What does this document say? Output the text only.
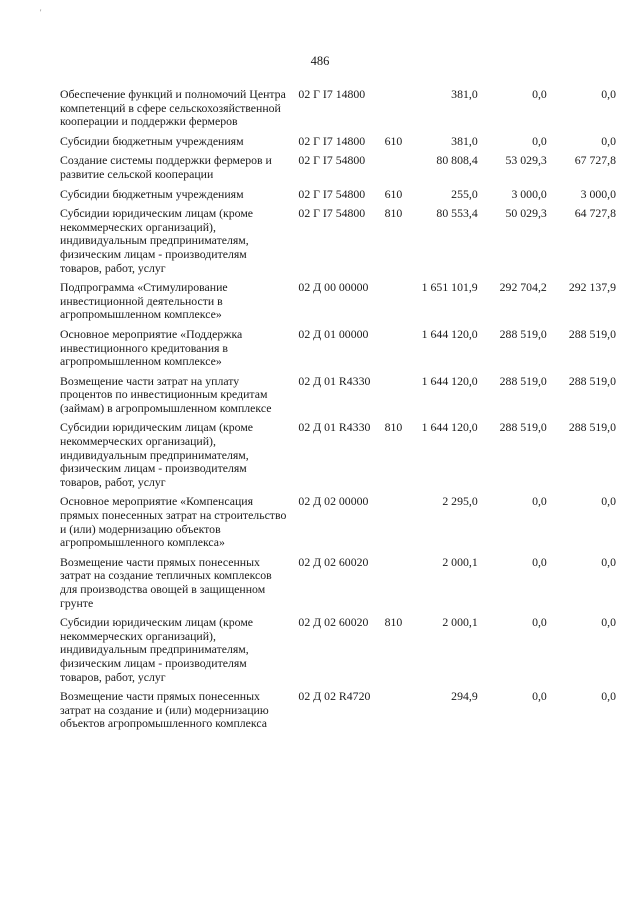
'
486
Обеспечение функций и полномочий Центра компетенций в сфере сельскохозяйственной кооперации и поддержки фермеров	02 Г I7 14800		381,0	0,0	0,0
Субсидии бюджетным учреждениям	02 Г I7 14800	610	381,0	0,0	0,0
Создание системы поддержки фермеров и развитие сельской кооперации	02 Г I7 54800		80 808,4	53 029,3	67 727,8
Субсидии бюджетным учреждениям	02 Г I7 54800	610	255,0	3 000,0	3 000,0
Субсидии юридическим лицам (кроме некоммерческих организаций), индивидуальным предпринимателям, физическим лицам - производителям товаров, работ, услуг	02 Г I7 54800	810	80 553,4	50 029,3	64 727,8
Подпрограмма «Стимулирование инвестиционной деятельности в агропромышленном комплексе»	02 Д 00 00000		1 651 101,9	292 704,2	292 137,9
Основное мероприятие «Поддержка инвестиционного кредитования в агропромышленном комплексе»	02 Д 01 00000		1 644 120,0	288 519,0	288 519,0
Возмещение части затрат на уплату процентов по инвестиционным кредитам (займам) в агропромышленном комплексе	02 Д 01 R4330		1 644 120,0	288 519,0	288 519,0
Субсидии юридическим лицам (кроме некоммерческих организаций), индивидуальным предпринимателям, физическим лицам - производителям товаров, работ, услуг	02 Д 01 R4330	810	1 644 120,0	288 519,0	288 519,0
Основное мероприятие «Компенсация прямых понесенных затрат на строительство и (или) модернизацию объектов агропромышленного комплекса»	02 Д 02 00000		2 295,0	0,0	0,0
Возмещение части прямых понесенных затрат на создание тепличных комплексов для производства овощей в защищенном грунте	02 Д 02 60020		2 000,1	0,0	0,0
Субсидии юридическим лицам (кроме некоммерческих организаций), индивидуальным предпринимателям, физическим лицам - производителям товаров, работ, услуг	02 Д 02 60020	810	2 000,1	0,0	0,0
Возмещение части прямых понесенных затрат на создание и (или) модернизацию объектов агропромышленного комплекса	02 Д 02 R4720		294,9	0,0	0,0
